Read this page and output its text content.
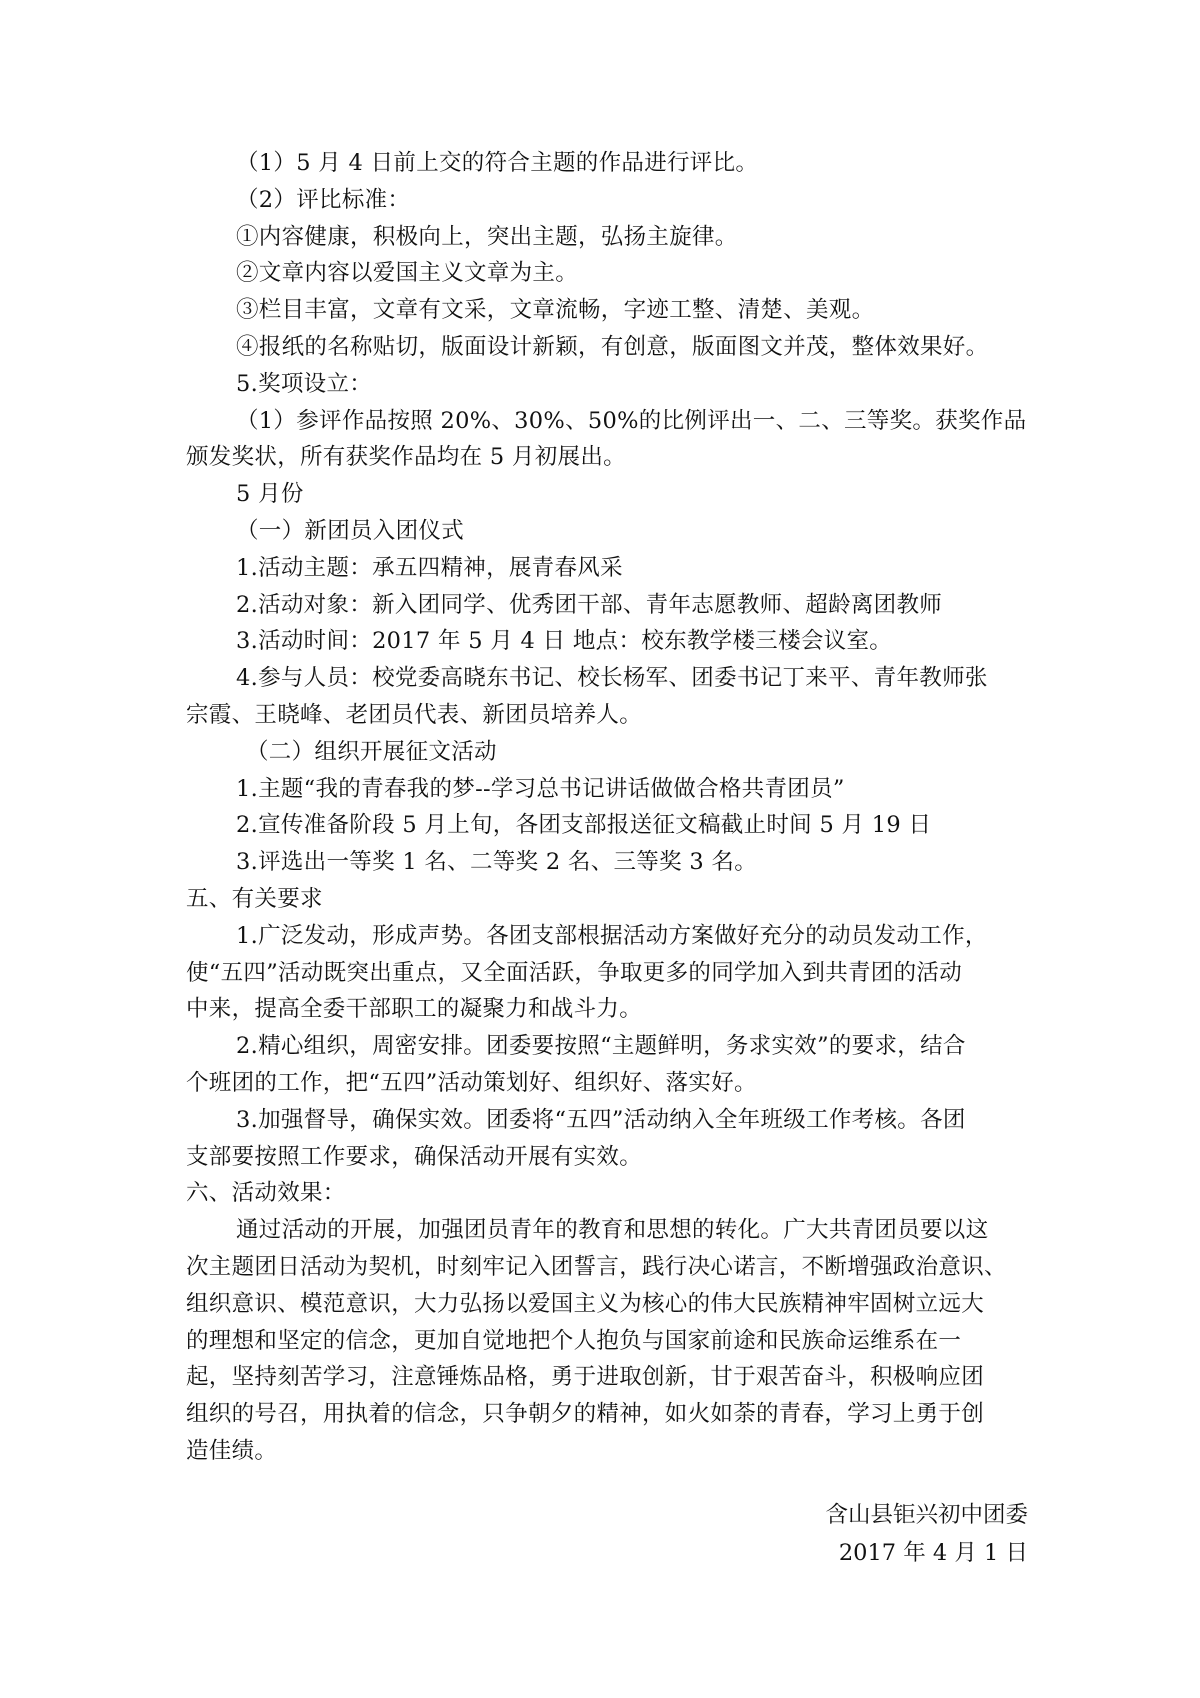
（1）5 月 4 日前上交的符合主题的作品进行评比。
（2）评比标准：
①内容健康，积极向上，突出主题，弘扬主旋律。
②文章内容以爱国主义文章为主。
③栏目丰富，文章有文采，文章流畅，字迹工整、清楚、美观。
④报纸的名称贴切，版面设计新颖，有创意，版面图文并茂，整体效果好。
5.奖项设立：
（1）参评作品按照 20%、30%、50%的比例评出一、二、三等奖。获奖作品
颁发奖状，所有获奖作品均在 5 月初展出。
5 月份
（一）新团员入团仪式
1.活动主题：承五四精神，展青春风采
2.活动对象：新入团同学、优秀团干部、青年志愿教师、超龄离团教师
3.活动时间：2017 年 5 月 4 日 地点：校东教学楼三楼会议室。
4.参与人员：校党委高晓东书记、校长杨军、团委书记丁来平、青年教师张
宗霞、王晓峰、老团员代表、新团员培养人。
（二）组织开展征文活动
1.主题“我的青春我的梦--学习总书记讲话做做合格共青团员”
2.宣传准备阶段 5 月上旬，各团支部报送征文稿截止时间 5 月 19 日
3.评选出一等奖 1 名、二等奖 2 名、三等奖 3 名。
五、有关要求
1.广泛发动，形成声势。各团支部根据活动方案做好充分的动员发动工作，
使“五四”活动既突出重点，又全面活跃，争取更多的同学加入到共青团的活动
中来，提高全委干部职工的凝聚力和战斗力。
2.精心组织，周密安排。团委要按照“主题鲜明，务求实效”的要求，结合
个班团的工作，把“五四”活动策划好、组织好、落实好。
3.加强督导，确保实效。团委将“五四”活动纳入全年班级工作考核。各团
支部要按照工作要求，确保活动开展有实效。
六、活动效果：
通过活动的开展，加强团员青年的教育和思想的转化。广大共青团员要以这
次主题团日活动为契机，时刻牢记入团誓言，践行决心诺言，不断增强政治意识、
组织意识、模范意识，大力弘扬以爱国主义为核心的伟大民族精神牢固树立远大
的理想和坚定的信念，更加自觉地把个人抱负与国家前途和民族命运维系在一
起，坚持刻苦学习，注意锤炼品格，勇于进取创新，甘于艰苦奋斗，积极响应团
组织的号召，用执着的信念，只争朝夕的精神，如火如荼的青春，学习上勇于创
造佳绩。
含山县钜兴初中团委
2017 年 4 月 1 日
